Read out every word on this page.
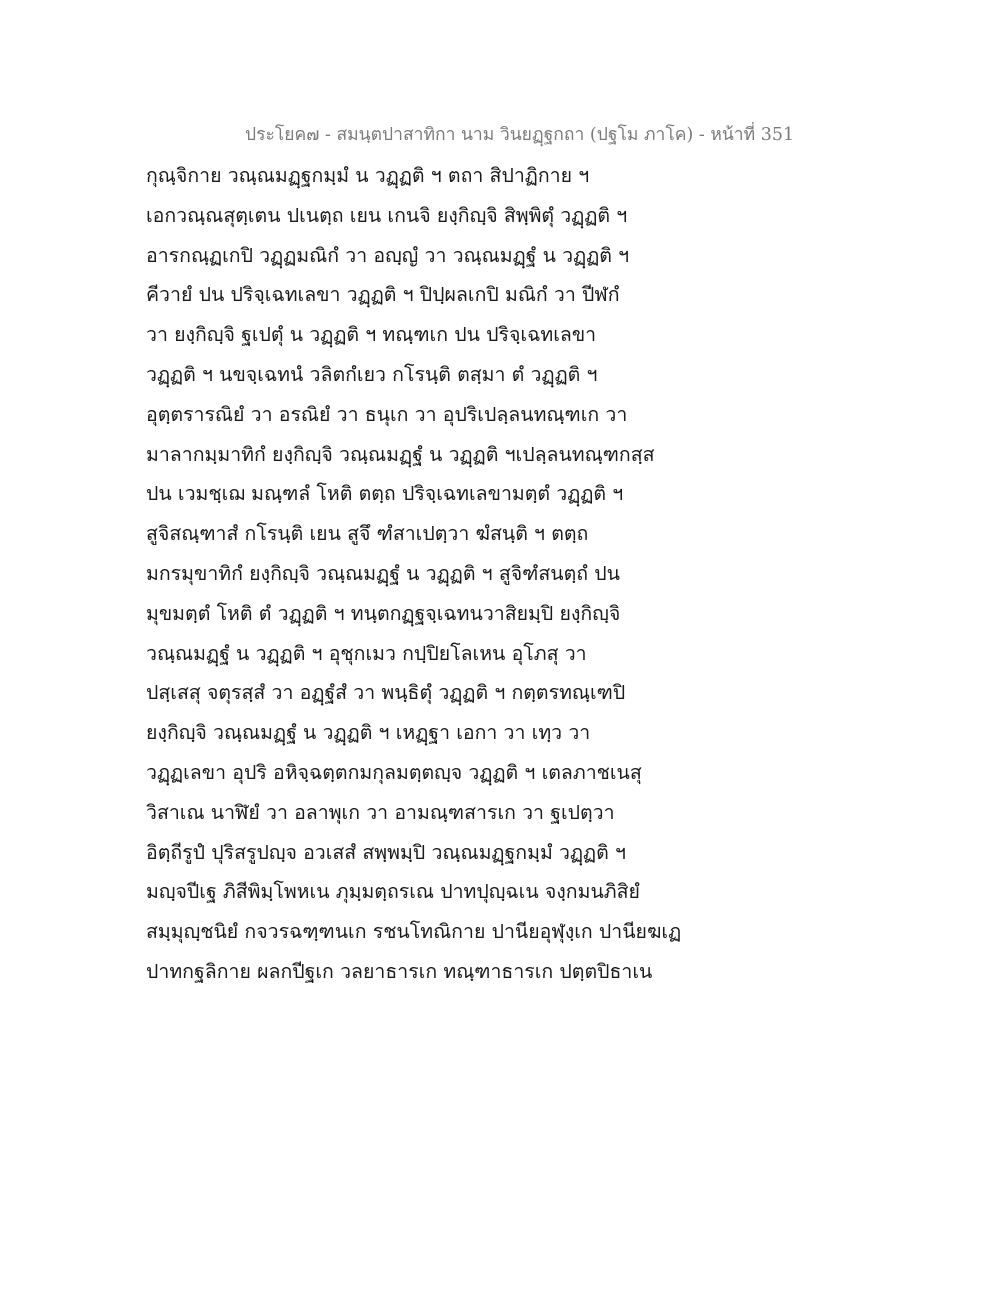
ประโยค๗ - สมนฺตปาสาทิกา นาม วินยฏฺฐกถา (ปฐโม ภาโค) - หน้าที่ 351
กุณฺจิกาย วณฺณมฏฺฐกมฺมํ น วฏฺฏติ ฯ ตถา สิปาฏิกาย ฯ
เอกวณฺณสุตฺเตน ปเนตฺถ เยน เกนจิ ยงฺกิญฺจิ สิพฺพิตุํ วฏฺฏติ ฯ
อารกณฺฏเกปิ วฏฺฏมณิกํ วา อญฺญํ วา วณฺณมฏฺฐํ น วฏฺฏติ ฯ
คีวายํ ปน ปริจฺเฉทเลขา วฏฺฏติ ฯ ปิปฺผลเกปิ มณิกํ วา ปีฬกํ
วา ยงฺกิญฺจิ ฐเปตุํ น วฏฺฏติ ฯ ทณฺฑเก ปน ปริจฺเฉทเลขา
วฏฺฏติ ฯ นขจฺเฉทนํ วลิตกํเยว กโรนฺติ ตสฺมา ตํ วฏฺฏติ ฯ
อุตฺตรารณิยํ วา อรณิยํ วา ธนุเก วา อุปริเปลฺลนทณฺฑเก วา
มาลากมฺมาทิกํ ยงฺกิญฺจิ วณฺณมฏฺฐํ น วฏฺฏติ ฯเปลฺลนทณฺฑกสฺส
ปน เวมชฺเฌ มณฺฑลํ โหติ ตตฺถ ปริจฺเฉทเลขามตฺตํ วฏฺฏติ ฯ
สูจิสณฺฑาสํ กโรนฺติ เยน สูจึ ฑํสาเปตฺวา ฆํสนฺติ ฯ ตตฺถ
มกรมุขาทิกํ ยงฺกิญฺจิ วณฺณมฏฺฐํ น วฏฺฏติ ฯ สูจิฑํสนตฺถํ ปน
มุขมตฺตํ โหติ ตํ วฏฺฏติ ฯ ทนฺตกฏฺฐจฺเฉทนวาสิยมฺปิ ยงฺกิญฺจิ
วณฺณมฏฺฐํ น วฏฺฏติ ฯ อุชุกเมว กปฺปิยโลเหน อุโภสุ วา
ปสฺเสสุ จตุรสฺสํ วา อฏฺฐํสํ วา พนฺธิตุํ วฏฺฏติ ฯ กตฺตรทณฺเฑปิ
ยงฺกิญฺจิ วณฺณมฏฺฐํ น วฏฺฏติ ฯ เหฏฺฐา เอกา วา เทฺว วา
วฏฺฏเลขา อุปริ อหิจฺฉตฺตกมกุลมตฺตญฺจ วฏฺฏติ ฯ เตลภาชเนสุ
วิสาเณ นาฬิยํ วา อลาพุเก วา อามณฺฑสารเก วา ฐเปตฺวา
อิตฺถีรูปํ ปุริสรูปญฺจ อวเสสํ สพฺพมฺปิ วณฺณมฏฺฐกมฺมํ วฏฺฏติ ฯ
มญฺจปีเฐ ภิสีพิมฺโพหเน ภุมฺมตฺถรเณ ปาทปุญฺฉเน จงฺกมนภิสิยํ
สมฺมุญฺชนิยํ กจวรฉฑฺฑนเก รชนโทณิกาย ปานียอุฬุงฺเก ปานียฆเฏ
ปาทกฐลิกาย ผลกปีฐเก วลยาธารเก ทณฺฑาธารเก ปตฺตปิธาเน
